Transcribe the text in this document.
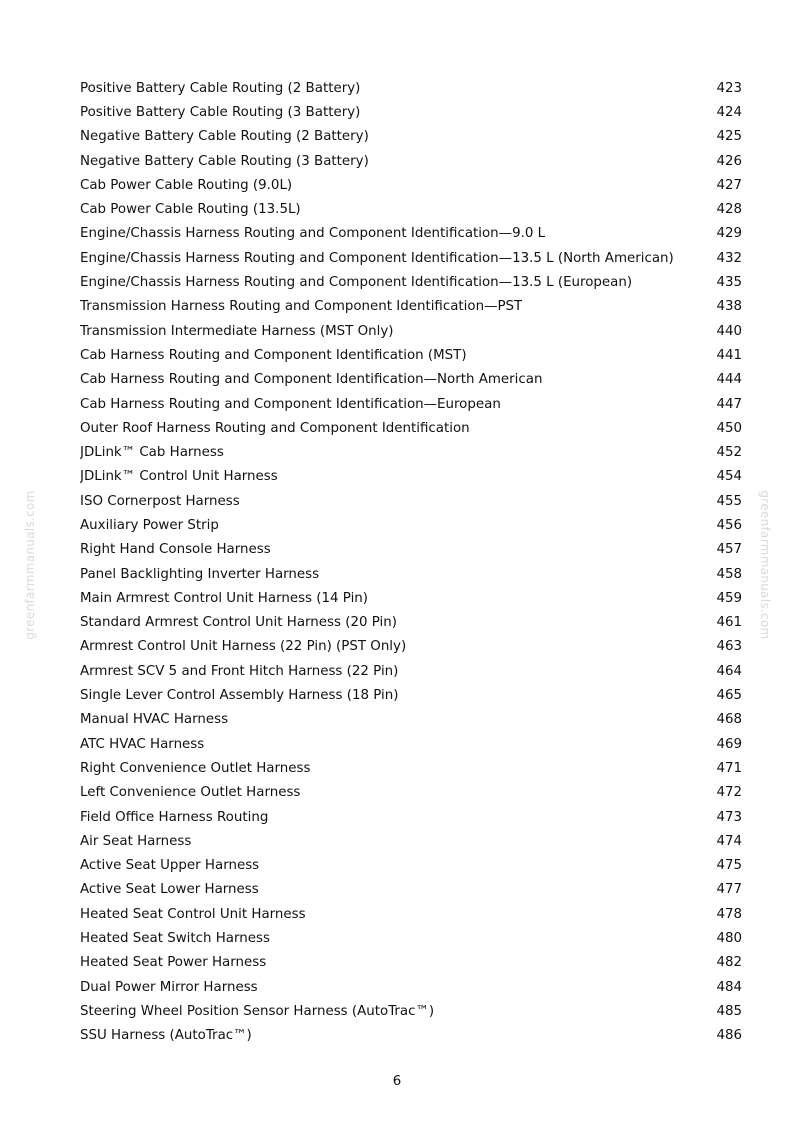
greenfarmmanuals.com	greenfarmmanuals.com
Positive Battery Cable Routing (2 Battery)	423
Positive Battery Cable Routing (3 Battery)	424
Negative Battery Cable Routing (2 Battery)	425
Negative Battery Cable Routing (3 Battery)	426
Cab Power Cable Routing (9.0L)	427
Cab Power Cable Routing (13.5L)	428
Engine/Chassis Harness Routing and Component Identification—9.0 L	429
Engine/Chassis Harness Routing and Component Identification—13.5 L (North American)	432
Engine/Chassis Harness Routing and Component Identification—13.5 L (European)	435
Transmission Harness Routing and Component Identification—PST	438
Transmission Intermediate Harness (MST Only)	440
Cab Harness Routing and Component Identification (MST)	441
Cab Harness Routing and Component Identification—North American	444
Cab Harness Routing and Component Identification—European	447
Outer Roof Harness Routing and Component Identification	450
JDLink™ Cab Harness	452
JDLink™ Control Unit Harness	454
ISO Cornerpost Harness	455
Auxiliary Power Strip	456
Right Hand Console Harness	457
Panel Backlighting Inverter Harness	458
Main Armrest Control Unit Harness (14 Pin)	459
Standard Armrest Control Unit Harness (20 Pin)	461
Armrest Control Unit Harness (22 Pin) (PST Only)	463
Armrest SCV 5 and Front Hitch Harness (22 Pin)	464
Single Lever Control Assembly Harness (18 Pin)	465
Manual HVAC Harness	468
ATC HVAC Harness	469
Right Convenience Outlet Harness	471
Left Convenience Outlet Harness	472
Field Office Harness Routing	473
Air Seat Harness	474
Active Seat Upper Harness	475
Active Seat Lower Harness	477
Heated Seat Control Unit Harness	478
Heated Seat Switch Harness	480
Heated Seat Power Harness	482
Dual Power Mirror Harness	484
Steering Wheel Position Sensor Harness (AutoTrac™)	485
SSU Harness (AutoTrac™)	486
6
